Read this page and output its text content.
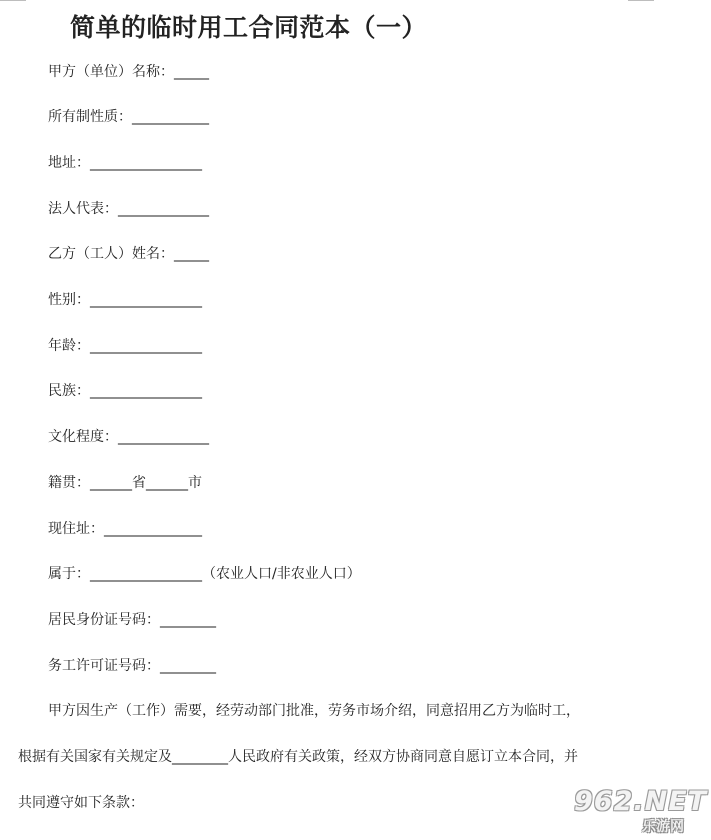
简单的临时用工合同范本（一）
甲方（单位）名称：_____
所有制性质：___________
地址：________________
法人代表：_____________
乙方（工人）姓名：_____
性别：________________
年龄：________________
民族：________________
文化程度：_____________
籍贯：______省______市
现住址：______________
属于：________________（农业人口/非农业人口）
居民身份证号码：________
务工许可证号码：________
甲方因生产（工作）需要，经劳动部门批准，劳务市场介绍，同意招用乙方为临时工，
根据有关国家有关规定及________人民政府有关政策，经双方协商同意自愿订立本合同，并
共同遵守如下条款：	962.NET
乐游网
